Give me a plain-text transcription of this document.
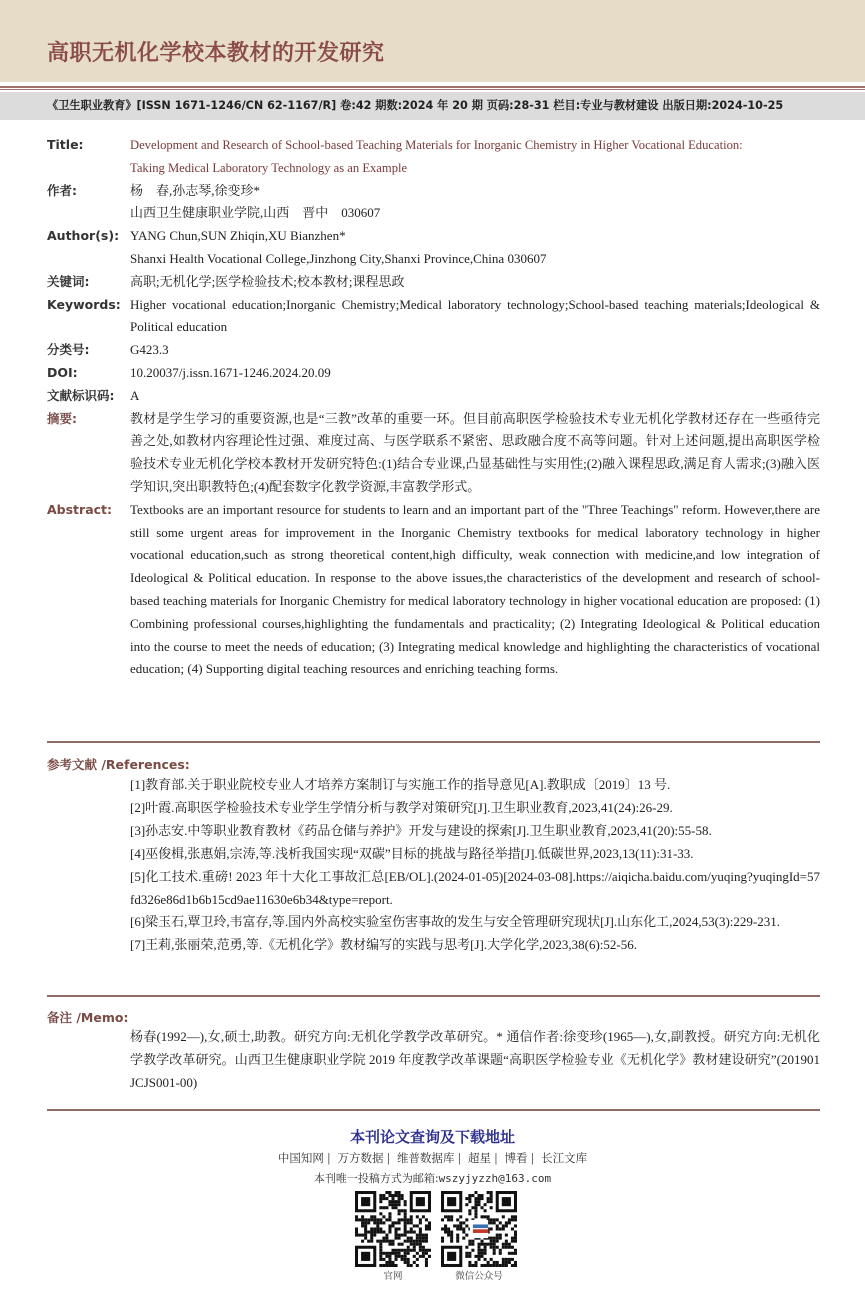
高职无机化学校本教材的开发研究
《卫生职业教育》[ISSN 1671-1246/CN 62-1167/R] 卷:42 期数:2024 年 20 期 页码:28-31 栏目:专业与教材建设 出版日期:2024-10-25
Title:	Development and Research of School-based Teaching Materials for Inorganic Chemistry in Higher Vocational Education:
Taking Medical Laboratory Technology as an Example
作者:	杨　春,孙志琴,徐变珍*
山西卫生健康职业学院,山西　晋中　030607
Author(s): YANG Chun,SUN Zhiqin,XU Bianzhen*
Shanxi Health Vocational College,Jinzhong City,Shanxi Province,China 030607
关键词:	高职;无机化学;医学检验技术;校本教材;课程思政
Keywords: Higher vocational education;Inorganic Chemistry;Medical laboratory technology;School-based teaching materials;Ideological & Political education
分类号:	G423.3
DOI:	10.20037/j.issn.1671-1246.2024.20.09
文献标识码:	A
摘要:	教材是学生学习的重要资源,也是“三教”改革的重要一环。但目前高职医学检验技术专业无机化学教材还存在一些亟待完善之处,如教材内容理论性过强、难度过高、与医学联系不紧密、思政融合度不高等问题。针对上述问题,提出高职医学检验技术专业无机化学校本教材开发研究特色:(1)结合专业课,凸显基础性与实用性;(2)融入课程思政,满足育人需求;(3)融入医学知识,突出职教特色;(4)配套数字化教学资源,丰富教学形式。
Abstract:	Textbooks are an important resource for students to learn and an important part of the "Three Teachings" reform. However,there are still some urgent areas for improvement in the Inorganic Chemistry textbooks for medical laboratory technology in higher vocational education,such as strong theoretical content,high difficulty, weak connection with medicine,and low integration of Ideological & Political education. In response to the above issues,the characteristics of the development and research of school-based teaching materials for Inorganic Chemistry for medical laboratory technology in higher vocational education are proposed: (1) Combining professional courses,highlighting the fundamentals and practicality; (2) Integrating Ideological & Political education into the course to meet the needs of education; (3) Integrating medical knowledge and highlighting the characteristics of vocational education; (4) Supporting digital teaching resources and enriching teaching forms.
参考文献 /References:
[1]教育部.关于职业院校专业人才培养方案制订与实施工作的指导意见[A].教职成〔2019〕13 号.
[2]叶霞.高职医学检验技术专业学生学情分析与教学对策研究[J].卫生职业教育,2023,41(24):26-29.
[3]孙志安.中等职业教育教材《药品仓储与养护》开发与建设的探索[J].卫生职业教育,2023,41(20):55-58.
[4]巫俊楫,张惠娟,宗涛,等.浅析我国实现“双碳”目标的挑战与路径举措[J].低碳世界,2023,13(11):31-33.
[5]化工技术.重磅! 2023 年十大化工事故汇总[EB/OL].(2024-01-05)[2024-03-08].https://aiqicha.baidu.com/yuqing?yuqingId=57fd326e86d1b6b15cd9ae11630e6b34&type=report.
[6]梁玉石,覃卫玲,韦富存,等.国内外高校实验室伤害事故的发生与安全管理研究现状[J].山东化工,2024,53(3):229-231.
[7]王莉,张丽荣,范勇,等.《无机化学》教材编写的实践与思考[J].大学化学,2023,38(6):52-56.
备注 /Memo:
杨春(1992—),女,硕士,助教。研究方向:无机化学教学改革研究。* 通信作者:徐变珍(1965—),女,副教授。研究方向:无机化学教学改革研究。山西卫生健康职业学院 2019 年度教学改革课题“高职医学检验专业《无机化学》教材建设研究”(201901JCJS001-00)
本刊论文查询及下载地址
中国知网 | 万方数据 | 维普数据库 | 超星 | 博看 | 长江文库
本刊唯一投稿方式为邮箱:wszyjyzzh@163.com
官网	微信公众号
